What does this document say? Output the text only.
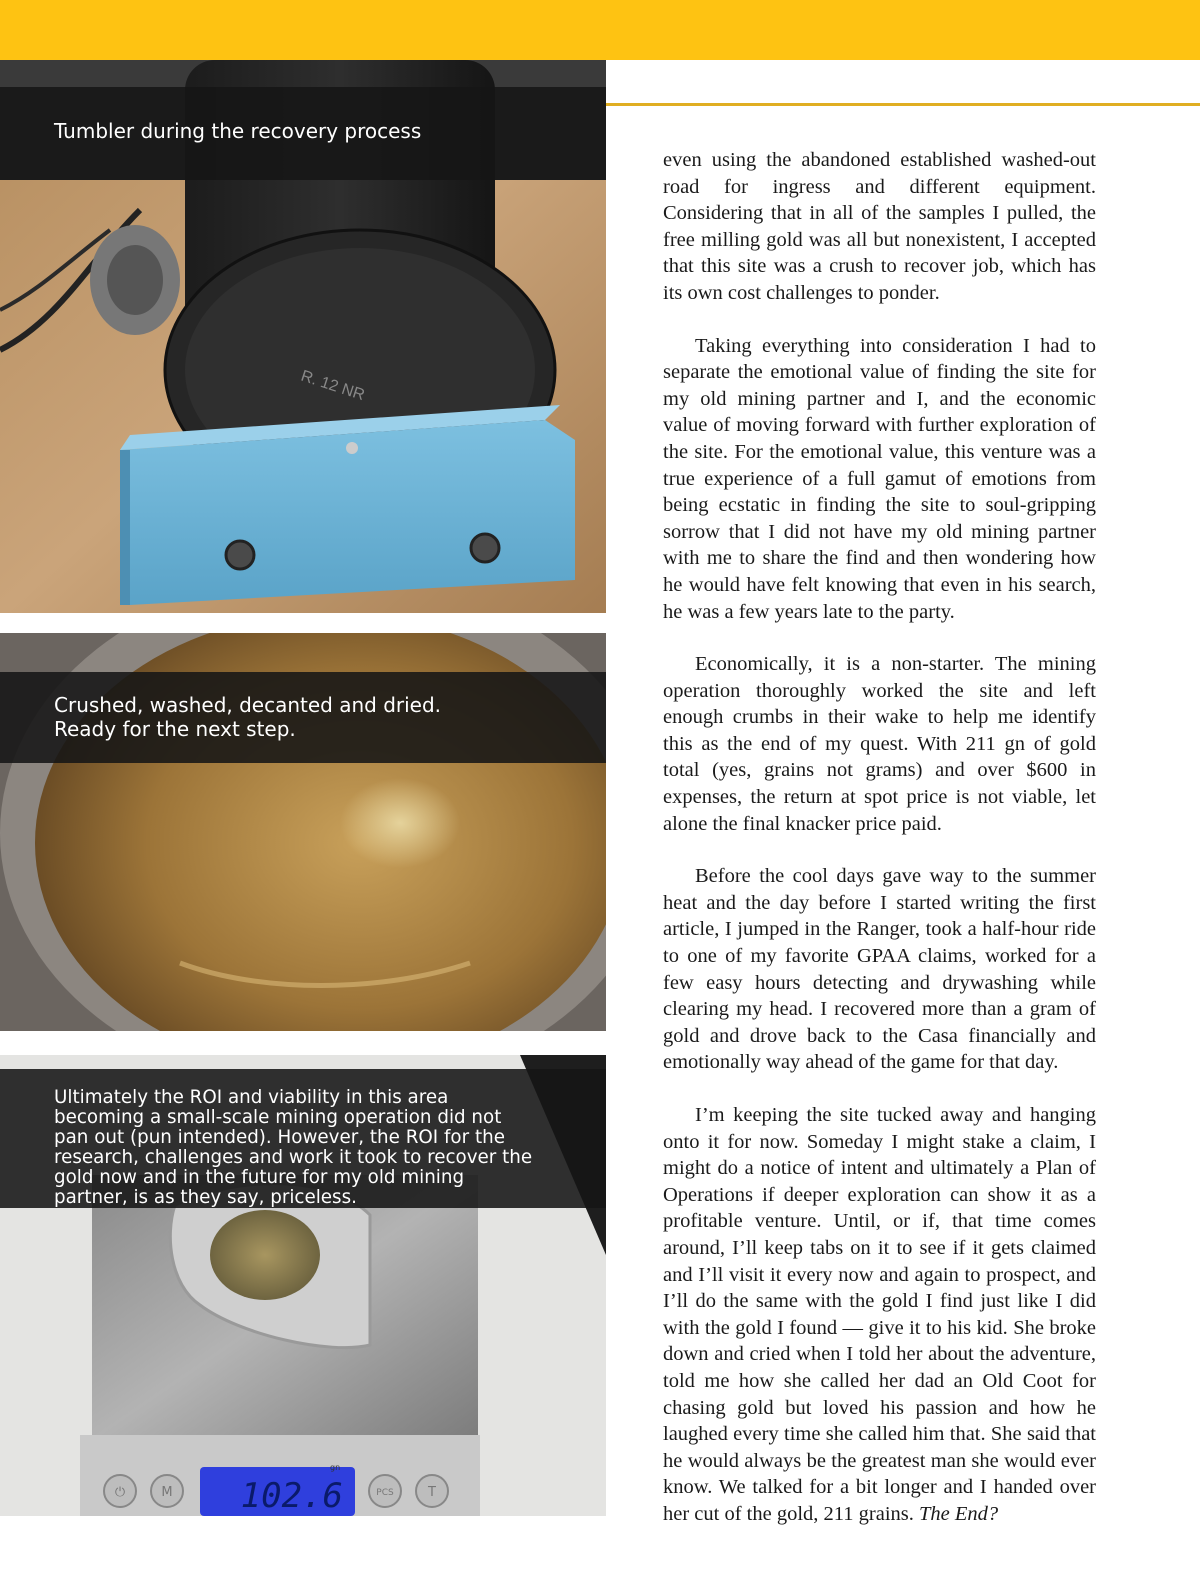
R. 12 NR

Tumbler during the recovery process

Crushed, washed, decanted and dried.

Ready for the next step.

102.6
gn
⏻	M	PCS	T

Ultimately the ROI and viability in this area becoming a small-scale mining operation did not pan out (pun intended). However, the ROI for the research, challenges and work it took to recover the gold now and in the future for my old mining partner, is as they say, priceless.

even using the abandoned established washed-out road for ingress and different equipment. Considering that in all of the samples I pulled, the free milling gold was all but nonexistent, I accepted that this site was a crush to recover job, which has its own cost challenges to ponder.

Taking everything into consideration I had to separate the emotional value of finding the site for my old mining partner and I, and the economic value of moving forward with further exploration of the site. For the emotional value, this venture was a true experience of a full gamut of emotions from being ecstatic in finding the site to soul-gripping sorrow that I did not have my old mining partner with me to share the find and then wondering how he would have felt knowing that even in his search, he was a few years late to the party.

Economically, it is a non-starter. The mining operation thoroughly worked the site and left enough crumbs in their wake to help me identify this as the end of my quest. With 211 gn of gold total (yes, grains not grams) and over $600 in expenses, the return at spot price is not viable, let alone the final knacker price paid.

Before the cool days gave way to the summer heat and the day before I started writing the first article, I jumped in the Ranger, took a half-hour ride to one of my favorite GPAA claims, worked for a few easy hours detecting and drywashing while clearing my head. I recovered more than a gram of gold and drove back to the Casa financially and emotionally way ahead of the game for that day.

I’m keeping the site tucked away and hanging onto it for now. Someday I might stake a claim, I might do a notice of intent and ultimately a Plan of Operations if deeper exploration can show it as a profitable venture. Until, or if, that time comes around, I’ll keep tabs on it to see if it gets claimed and I’ll visit it every now and again to prospect, and I’ll do the same with the gold I find just like I did with the gold I found — give it to his kid. She broke down and cried when I told her about the adventure, told me how she called her dad an Old Coot for chasing gold but loved his passion and how he laughed every time she called him that. She said that he would always be the greatest man she would ever know. We talked for a bit longer and I handed over her cut of the gold, 211 grains. The End?
